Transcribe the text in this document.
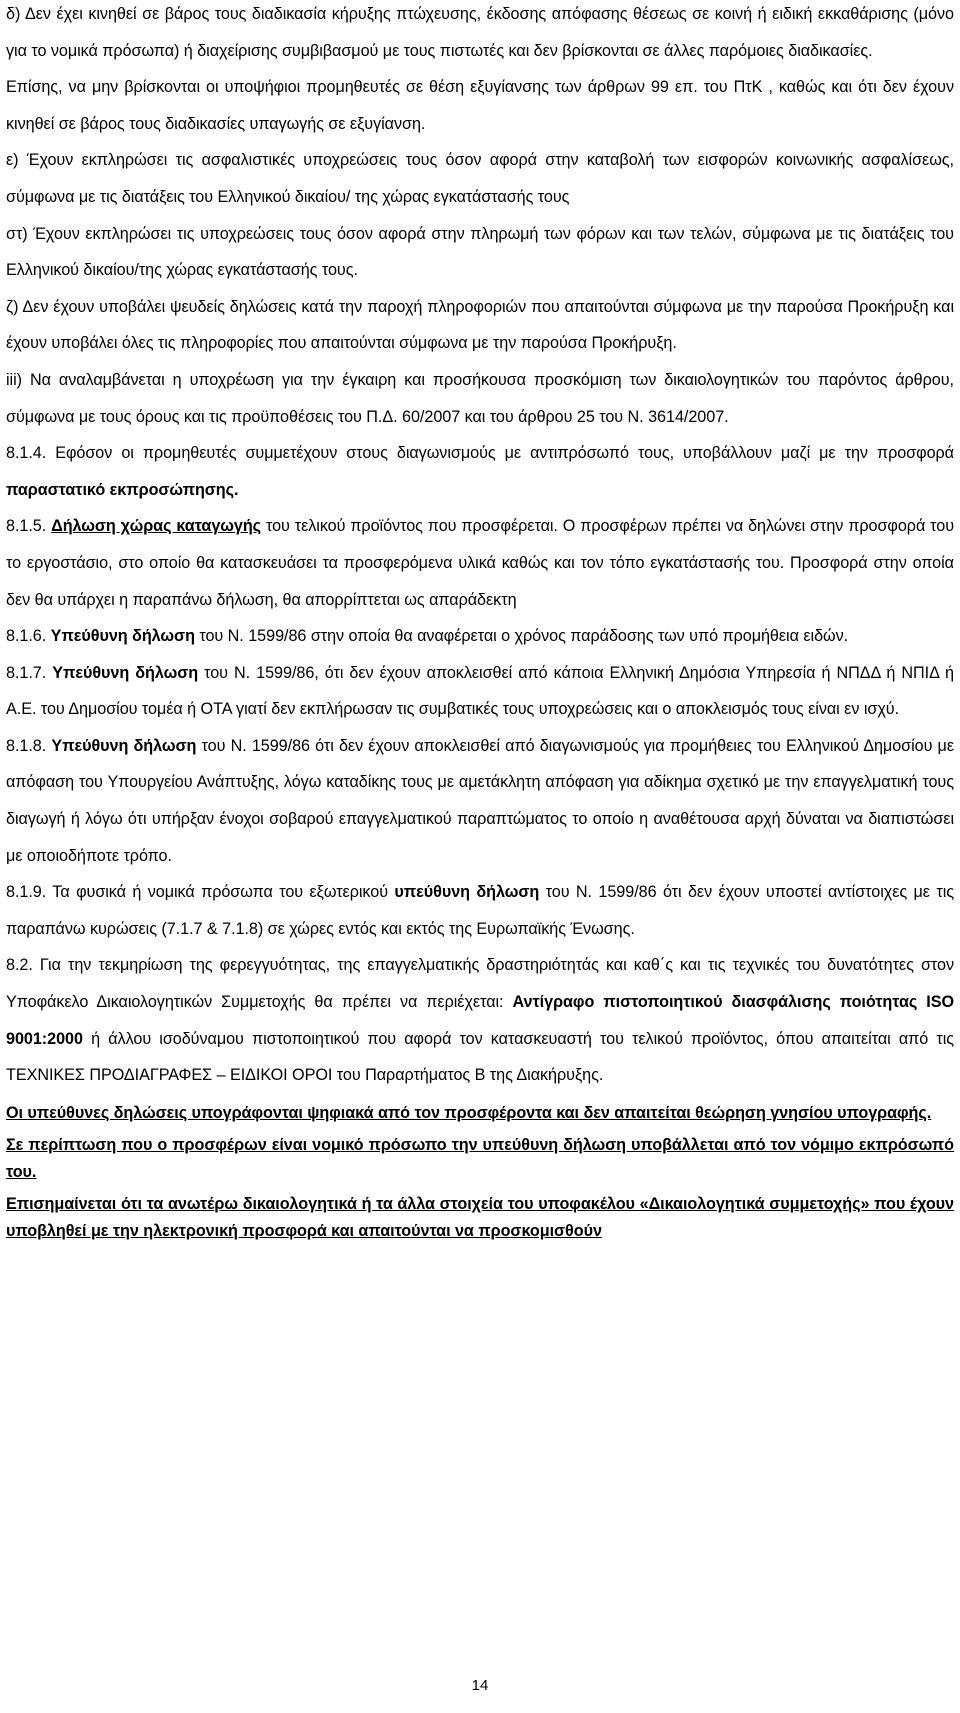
δ) Δεν έχει κινηθεί σε βάρος τους διαδικασία κήρυξης πτώχευσης, έκδοσης απόφασης θέσεως σε κοινή ή ειδική εκκαθάρισης (μόνο για το νομικά πρόσωπα) ή διαχείρισης συμβιβασμού με τους πιστωτές και δεν βρίσκονται σε άλλες παρόμοιες διαδικασίες.

Επίσης, να μην βρίσκονται οι υποψήφιοι προμηθευτές σε θέση εξυγίανσης των άρθρων 99 επ. του ΠτΚ , καθώς και ότι δεν έχουν κινηθεί σε βάρος τους διαδικασίες υπαγωγής σε εξυγίανση.

ε) Έχουν εκπληρώσει τις ασφαλιστικές υποχρεώσεις τους όσον αφορά στην καταβολή των εισφορών κοινωνικής ασφαλίσεως, σύμφωνα με τις διατάξεις του Ελληνικού δικαίου/ της χώρας εγκατάστασής τους

στ) Έχουν εκπληρώσει τις υποχρεώσεις τους όσον αφορά στην πληρωμή των φόρων και των τελών, σύμφωνα με τις διατάξεις του Ελληνικού δικαίου/της χώρας εγκατάστασής τους.

ζ) Δεν έχουν υποβάλει ψευδείς δηλώσεις κατά την παροχή πληροφοριών που απαιτούνται σύμφωνα με την παρούσα Προκήρυξη και έχουν υποβάλει όλες τις πληροφορίες που απαιτούνται σύμφωνα με την παρούσα Προκήρυξη.

iii) Να αναλαμβάνεται η υποχρέωση για την έγκαιρη και προσήκουσα προσκόμιση των δικαιολογητικών του παρόντος άρθρου, σύμφωνα με τους όρους και τις προϋποθέσεις του Π.Δ. 60/2007 και του άρθρου 25 του Ν. 3614/2007.

8.1.4. Εφόσον οι προμηθευτές συμμετέχουν στους διαγωνισμούς με αντιπρόσωπό τους, υποβάλλουν μαζί με την προσφορά παραστατικό εκπροσώπησης.

8.1.5. Δήλωση χώρας καταγωγής του τελικού προϊόντος που προσφέρεται. Ο προσφέρων πρέπει να δηλώνει στην προσφορά του το εργοστάσιο, στο οποίο θα κατασκευάσει τα προσφερόμενα υλικά καθώς και τον τόπο εγκατάστασής του. Προσφορά στην οποία δεν θα υπάρχει η παραπάνω δήλωση, θα απορρίπτεται ως απαράδεκτη

8.1.6. Υπεύθυνη δήλωση του Ν. 1599/86 στην οποία θα αναφέρεται ο χρόνος παράδοσης των υπό προμήθεια ειδών.

8.1.7. Υπεύθυνη δήλωση του Ν. 1599/86, ότι δεν έχουν αποκλεισθεί από κάποια Ελληνική Δημόσια Υπηρεσία ή ΝΠΔΔ ή ΝΠΙΔ ή Α.Ε. του Δημοσίου τομέα ή ΟΤΑ γιατί δεν εκπλήρωσαν τις συμβατικές τους υποχρεώσεις και ο αποκλεισμός τους είναι εν ισχύ.

8.1.8. Υπεύθυνη δήλωση του Ν. 1599/86 ότι δεν έχουν αποκλεισθεί από διαγωνισμούς για προμήθειες του Ελληνικού Δημοσίου με απόφαση του Υπουργείου Ανάπτυξης, λόγω καταδίκης τους με αμετάκλητη απόφαση για αδίκημα σχετικό με την επαγγελματική τους διαγωγή ή λόγω ότι υπήρξαν ένοχοι σοβαρού επαγγελματικού παραπτώματος το οποίο η αναθέτουσα αρχή δύναται να διαπιστώσει με οποιοδήποτε τρόπο.

8.1.9. Τα φυσικά ή νομικά πρόσωπα του εξωτερικού υπεύθυνη δήλωση του Ν. 1599/86 ότι δεν έχουν υποστεί αντίστοιχες με τις παραπάνω κυρώσεις (7.1.7 & 7.1.8) σε χώρες εντός και εκτός της Ευρωπαϊκής Ένωσης.

8.2. Για την τεκμηρίωση της φερεγγυότητας, της επαγγελματικής δραστηριότητάς και καθ΄ς και τις τεχνικές του δυνατότητες στον Υποφάκελο Δικαιολογητικών Συμμετοχής θα πρέπει να περιέχεται: Αντίγραφο πιστοποιητικού διασφάλισης ποιότητας ISO 9001:2000 ή άλλου ισοδύναμου πιστοποιητικού που αφορά τον κατασκευαστή του τελικού προϊόντος, όπου απαιτείται από τις ΤΕΧΝΙΚΕΣ ΠΡΟΔΙΑΓΡΑΦΕΣ – ΕΙΔΙΚΟΙ ΟΡΟΙ του Παραρτήματος Β της Διακήρυξης.

Οι υπεύθυνες δηλώσεις υπογράφονται ψηφιακά από τον προσφέροντα και δεν απαιτείται θεώρηση γνησίου υπογραφής.

Σε περίπτωση που ο προσφέρων είναι νομικό πρόσωπο την υπεύθυνη δήλωση υποβάλλεται από τον νόμιμο εκπρόσωπό του.

Επισημαίνεται ότι τα ανωτέρω δικαιολογητικά ή τα άλλα στοιχεία του υποφακέλου «Δικαιολογητικά συμμετοχής» που έχουν υποβληθεί με την ηλεκτρονική προσφορά και απαιτούνται να προσκομισθούν

14
